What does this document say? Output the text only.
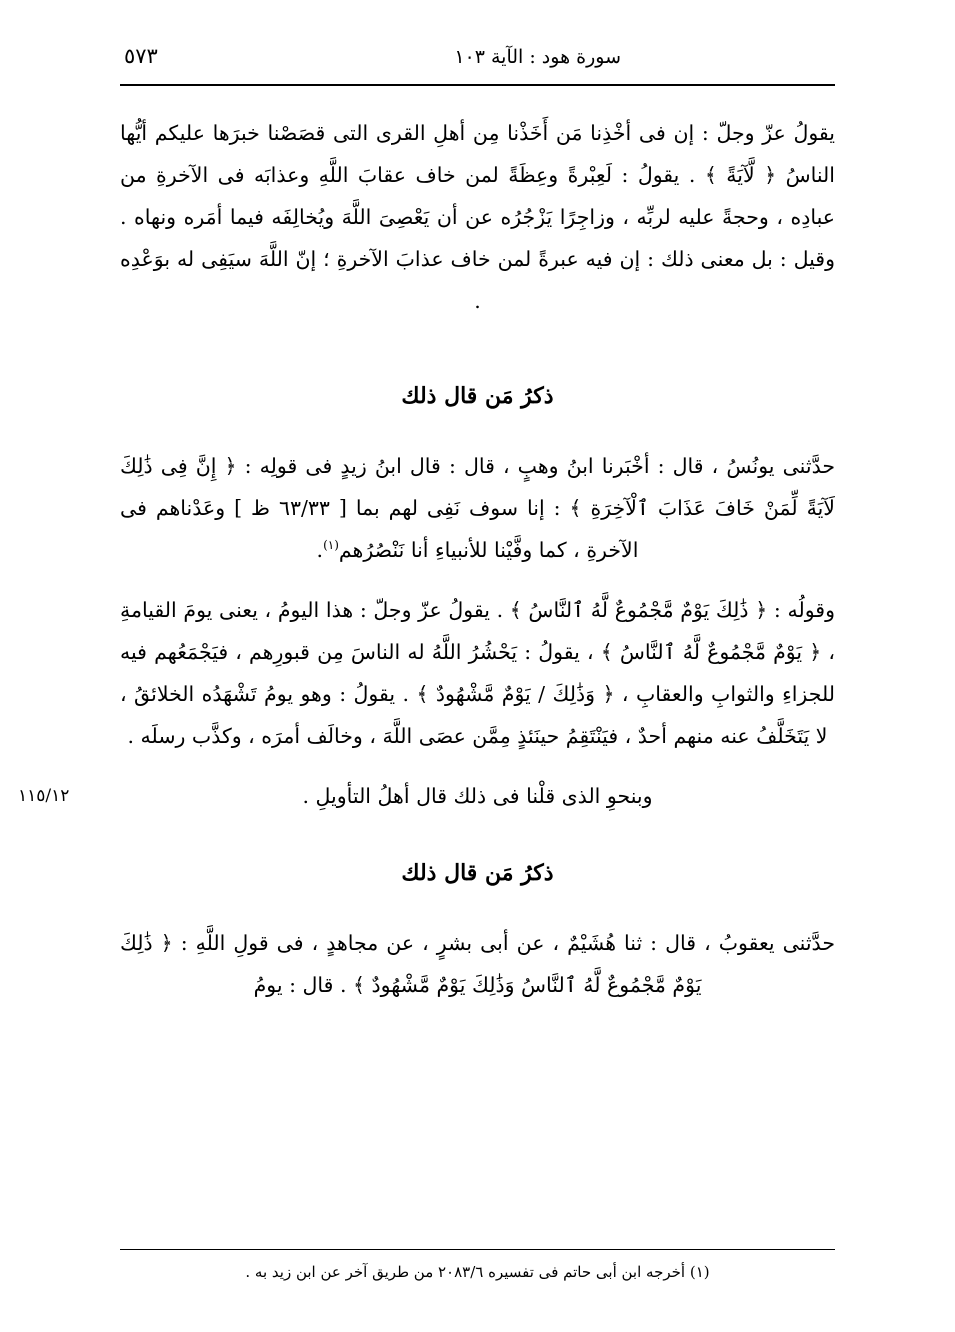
٥٧٣	سورة هود : الآية ١٠٣

يقولُ عزّ وجلّ : إن فى أخْذِنا مَن أَخَذْنا مِن أهلِ القرى التى قصَصْنا خبرَها عليكم أيُّها الناسُ ﴿ لَّآيَةً ﴾ . يقولُ : لَعِبْرةً وعِظَةً لمن خاف عقابَ اللَّهِ وعذابَه فى الآخرةِ من عبادِه ، وحجةً عليه لربِّه ، وزاجِرًا يَزْجُرُه عن أن يَعْصِىَ اللَّهَ ويُخالِفَه فيما أمَره ونهاه . وقيل : بل معنى ذلك : إن فيه عبرةً لمن خاف عذابَ الآخرةِ ؛ إنّ اللَّهَ سيَفِى له بوَعْدِه .

ذكرُ مَن قال ذلك

حدَّثنى يونُسُ ، قال : أخْبَرنا ابنُ وهبٍ ، قال : قال ابنُ زيدٍ فى قولِه : ﴿ إِنَّ فِى ذَٰلِكَ لَآيَةً لِّمَنْ خَافَ عَذَابَ ٱلْآخِرَةِ ﴾ : إنا سوف نَفِى لهم بما [ ٦٣/٣٣ ظ ] وعَدْناهم فى الآخرةِ ، كما وفَّيْنا للأنبياءِ أنا نَنْصُرُهم$^{(١)}$.

وقولُه : ﴿ ذَٰلِكَ يَوْمٌ مَّجْمُوعٌ لَّهُ ٱلنَّاسُ ﴾ . يقولُ عزّ وجلّ : هذا اليومُ ، يعنى يومَ القيامةِ ، ﴿ يَوْمٌ مَّجْمُوعٌ لَّهُ ٱلنَّاسُ ﴾ ، يقولُ : يَحْشُرُ اللَّهُ له الناسَ مِن قبورِهم ، فيَجْمَعُهم فيه للجزاءِ والثوابِ والعقابِ ، ﴿ وَذَٰلِكَ / يَوْمٌ مَّشْهُودٌ ﴾ . يقولُ : وهو يومُ تَشْهَدُه الخلائقُ ، لا يَتَخَلَّفُ عنه منهم أحدٌ ، فيَنْتَقِمُ حينَئذٍ مِمَّن عصَى اللَّهَ ، وخالَف أمرَه ، وكذَّب رسلَه .

وبنحوِ الذى قلْنا فى ذلك قال أهلُ التأويلِ .

ذكرُ مَن قال ذلك

حدَّثنى يعقوبُ ، قال : ثنا هُشَيْمٌ ، عن أبى بشرٍ ، عن مجاهدٍ ، فى قولِ اللَّهِ : ﴿ ذَٰلِكَ يَوْمٌ مَّجْمُوعٌ لَّهُ ٱلنَّاسُ وَذَٰلِكَ يَوْمٌ مَّشْهُودٌ ﴾ . قال : يومُ

١١٥/١٢
(١) أخرجه ابن أبى حاتم فى تفسيره ٢٠٨٣/٦ من طريق آخر عن ابن زيد به .
